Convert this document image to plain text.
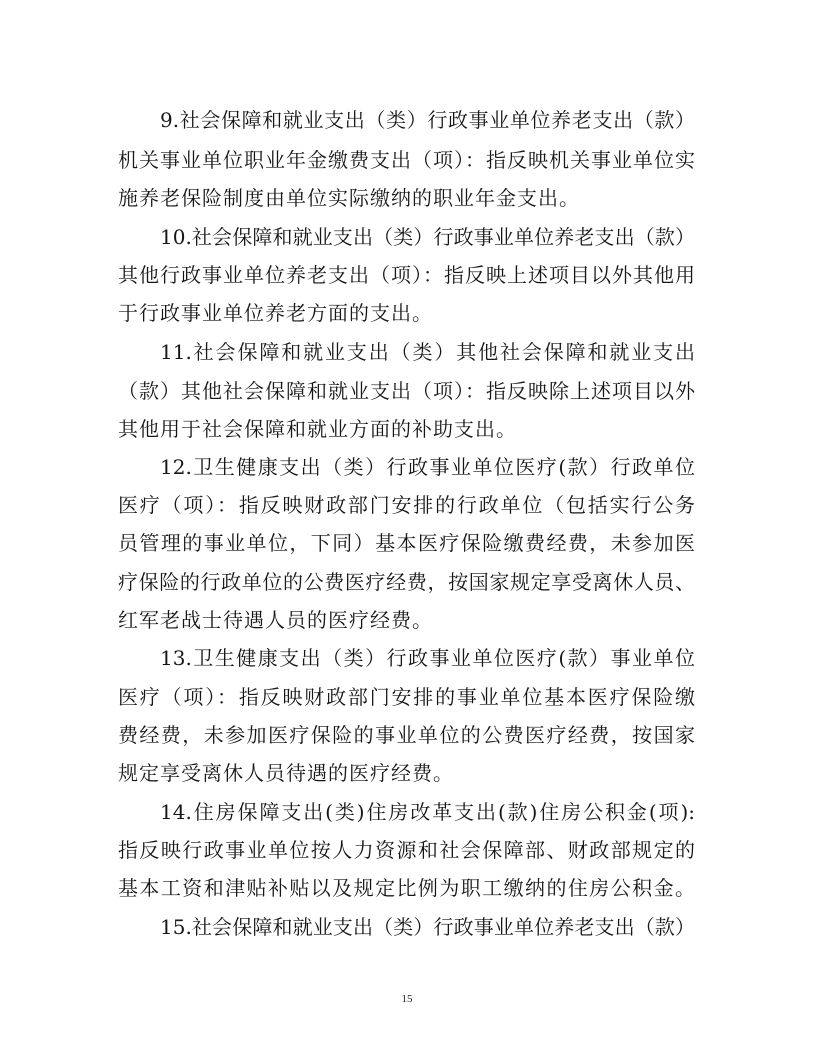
9.社会保障和就业支出（类）行政事业单位养老支出（款）
机关事业单位职业年金缴费支出（项）：指反映机关事业单位实
施养老保险制度由单位实际缴纳的职业年金支出。
10.社会保障和就业支出（类）行政事业单位养老支出（款）
其他行政事业单位养老支出（项）：指反映上述项目以外其他用
于行政事业单位养老方面的支出。
11.社会保障和就业支出（类）其他社会保障和就业支出
（款）其他社会保障和就业支出（项）：指反映除上述项目以外
其他用于社会保障和就业方面的补助支出。
12.卫生健康支出（类）行政事业单位医疗(款）行政单位
医疗（项）：指反映财政部门安排的行政单位（包括实行公务
员管理的事业单位，下同）基本医疗保险缴费经费，未参加医
疗保险的行政单位的公费医疗经费，按国家规定享受离休人员、
红军老战士待遇人员的医疗经费。
13.卫生健康支出（类）行政事业单位医疗(款）事业单位
医疗（项）：指反映财政部门安排的事业单位基本医疗保险缴
费经费，未参加医疗保险的事业单位的公费医疗经费，按国家
规定享受离休人员待遇的医疗经费。
14.住房保障支出(类)住房改革支出(款)住房公积金(项):
指反映行政事业单位按人力资源和社会保障部、财政部规定的
基本工资和津贴补贴以及规定比例为职工缴纳的住房公积金。
15.社会保障和就业支出（类）行政事业单位养老支出（款）
15
